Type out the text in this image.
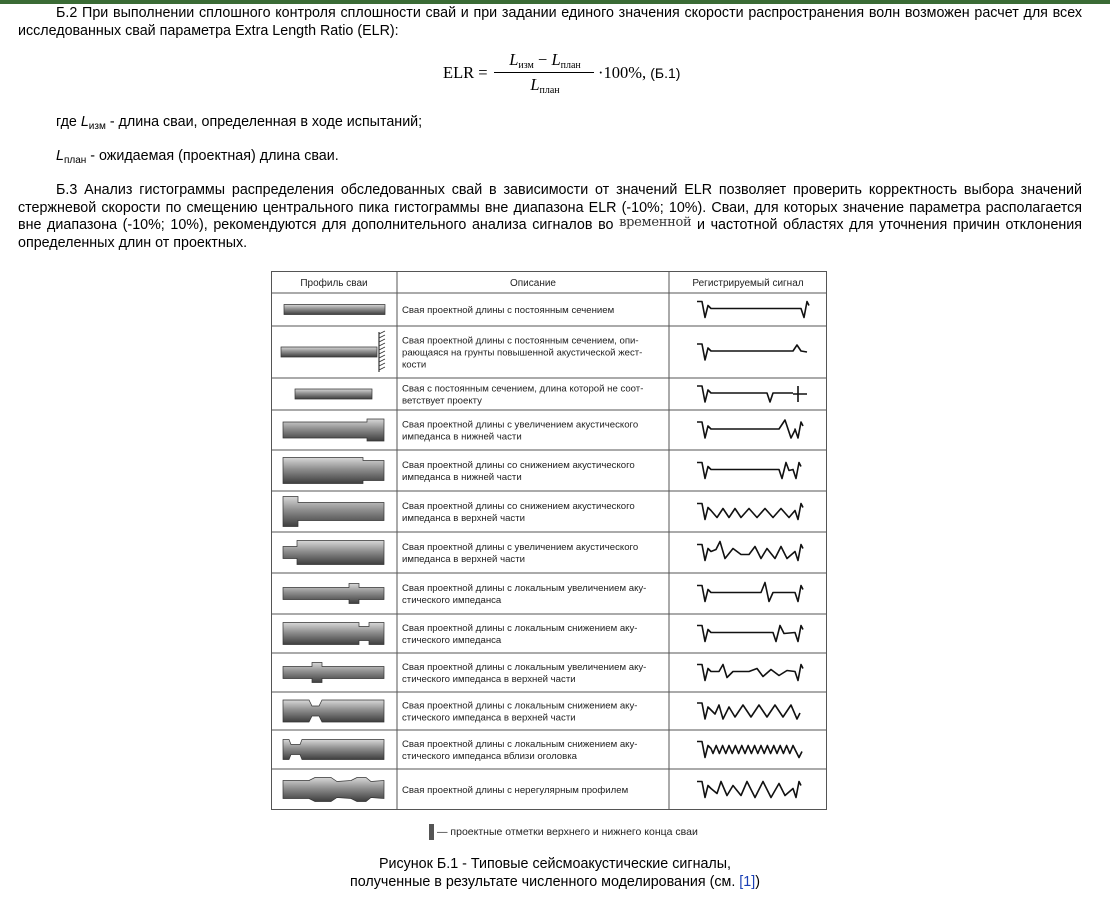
Б.2 При выполнении сплошного контроля сплошности свай и при задании единого значения скорости распространения волн возможен расчет для всех исследованных свай параметра Extra Length Ratio (ELR):
ELR =
$L_{изм} - L_{план}$
$L_{план}$
·100%, (Б.1)
где $L_{изм}$ - длина сваи, определенная в ходе испытаний;
$L_{план}$ - ожидаемая (проектная) длина сваи.
Б.3 Анализ гистограммы распределения обследованных свай в зависимости от значений ELR позволяет проверить корректность выбора значений стержневой скорости по смещению центрального пика гистограммы вне диапазона ELR (-10%; 10%). Сваи, для которых значение параметра располагается вне диапазона (-10%; 10%), рекомендуются для дополнительного анализа сигналов во временной и частотной областях для уточнения причин отклонения определенных длин от проектных.
Профиль сваи	Описание	Регистрируемый сигнал
Свая проектной длины с постоянным сечением
Свая проектной длины с постоянным сечением, опи-
рающаяся на грунты повышенной акустической жест-
кости
Свая с постоянным сечением, длина которой не соот-
ветствует проекту
Свая проектной длины с увеличением акустического
импеданса в нижней части
Свая проектной длины со снижением акустического
импеданса в нижней части
Свая проектной длины со снижением акустического
импеданса в верхней части
Свая проектной длины с увеличением акустического
импеданса в верхней части
Свая проектной длины с локальным увеличением аку-
стического импеданса
Свая проектной длины с локальным снижением аку-
стического импеданса
Свая проектной длины с локальным увеличением аку-
стического импеданса в верхней части
Свая проектной длины с локальным снижением аку-
стического импеданса в верхней части
Свая проектной длины с локальным снижением аку-
стического импеданса вблизи оголовка
Свая проектной длины с нерегулярным профилем
— проектные отметки верхнего и нижнего конца сваи
Рисунок Б.1 - Типовые сейсмоакустические сигналы,
полученные в результате численного моделирования (см. [1])
